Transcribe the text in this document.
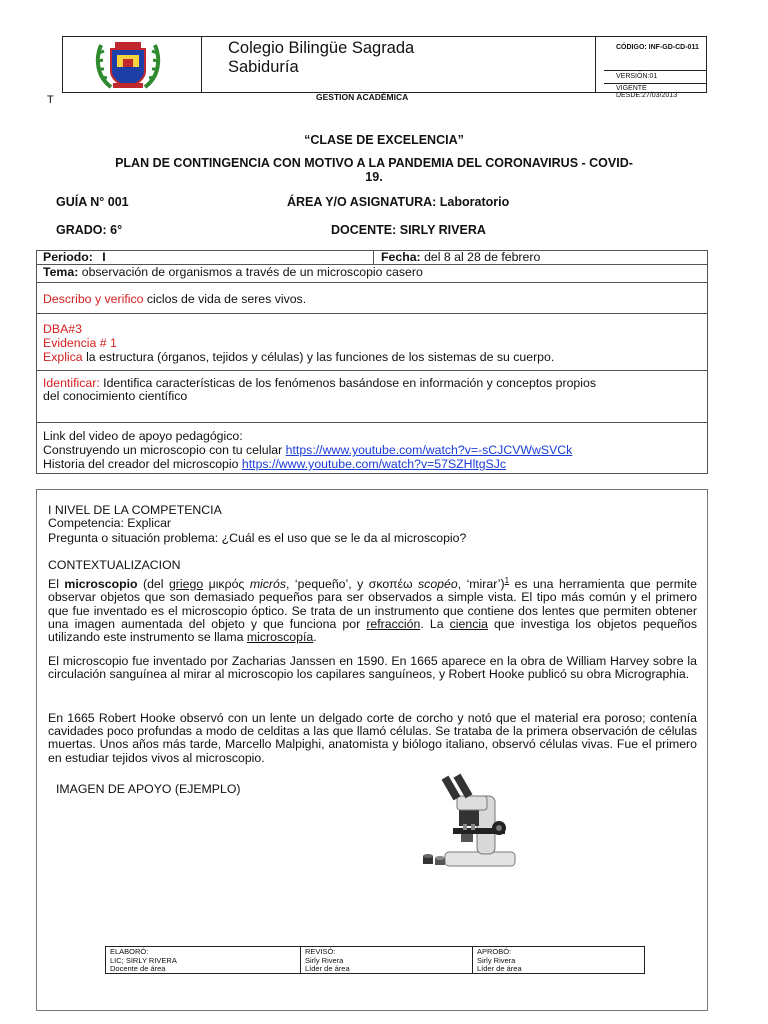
Colegio Bilingüe Sagrada Sabiduría
CÓDIGO: INF-GD-CD-011
VERSIÓN:01
VIGENTE DESDE:27/03/2013
T	GESTION ACADÉMICA
“CLASE DE EXCELENCIA”
PLAN DE CONTINGENCIA CON MOTIVO A LA PANDEMIA DEL CORONAVIRUS - COVID-
19.
GUÍA N° 001	ÁREA Y/O ASIGNATURA: Laboratorio
GRADO: 6°	DOCENTE: SIRLY RIVERA
Periodo: I	Fecha: del 8 al 28 de febrero
Tema: observación de organismos a través de un microscopio casero
Describo y verifico ciclos de vida de seres vivos.
DBA#3
Evidencia # 1
Explica la estructura (órganos, tejidos y células) y las funciones de los sistemas de su cuerpo.
Identificar: Identifica características de los fenómenos basándose en información y conceptos propios
del conocimiento científico
Link del video de apoyo pedagógico:
Construyendo un microscopio con tu celular https://www.youtube.com/watch?v=-sCJCVWwSVCk
Historia del creador del microscopio https://www.youtube.com/watch?v=57SZHltgSJc
I NIVEL DE LA COMPETENCIA
Competencia: Explicar
Pregunta o situación problema: ¿Cuál es el uso que se le da al microscopio?
CONTEXTUALIZACION
El microscopio (del griego μικρός micrós, ‘pequeño’, y σκοπέω scopéo, ‘mirar’)$^1$ es una herramienta que permite observar objetos que son demasiado pequeños para ser observados a simple vista. El tipo más común y el primero que fue inventado es el microscopio óptico. Se trata de un instrumento que contiene dos lentes que permiten obtener una imagen aumentada del objeto y que funciona por refracción. La ciencia que investiga los objetos pequeños utilizando este instrumento se llama microscopía.
El microscopio fue inventado por Zacharias Janssen en 1590. En 1665 aparece en la obra de William Harvey sobre la circulación sanguínea al mirar al microscopio los capilares sanguíneos, y Robert Hooke publicó su obra Micrographia.
En 1665 Robert Hooke observó con un lente un delgado corte de corcho y notó que el material era poroso; contenía cavidades poco profundas a modo de celditas a las que llamó células. Se trataba de la primera observación de células muertas. Unos años más tarde, Marcello Malpighi, anatomista y biólogo italiano, observó células vivas. Fue el primero en estudiar tejidos vivos al microscopio.
IMAGEN DE APOYO (EJEMPLO)
ELABORÓ:
LIC; SIRLY RIVERA
Docente de área
REVISÓ:
Sirly Rivera
Líder de área
APROBÓ:
Sirly Rivera
Líder de área
